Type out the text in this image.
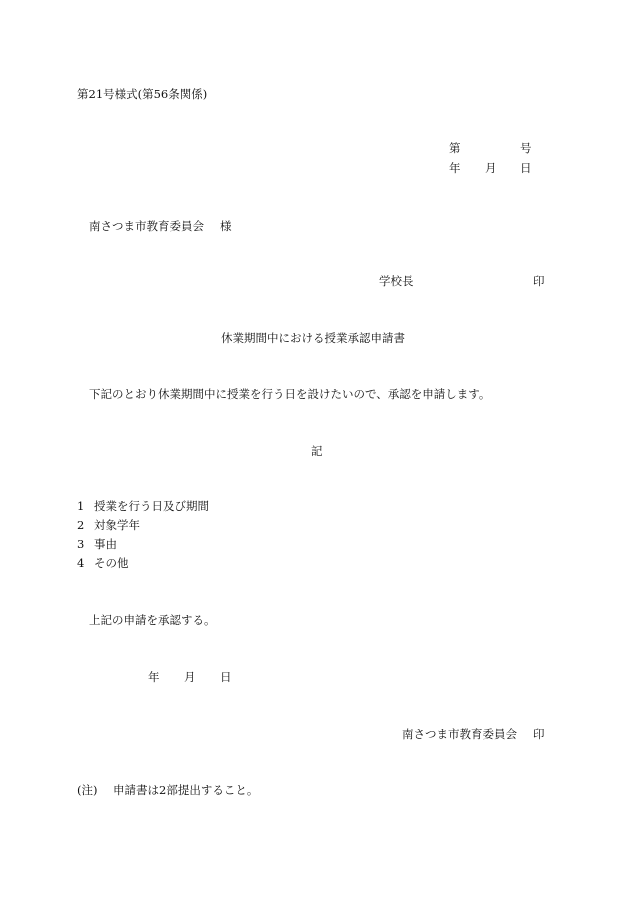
第21号様式(第56条関係)

第	号

年 月 日

南さつま市教育委員会 様

学校長	印

休業期間中における授業承認申請書

下記のとおり休業期間中に授業を行う日を設けたいので、承認を申請します。

記

1 授業を行う日及び期間
2 対象学年
3 事由
4 その他

上記の申請を承認する。

年 月 日

南さつま市教育委員会 印

(注) 申請書は2部提出すること。
